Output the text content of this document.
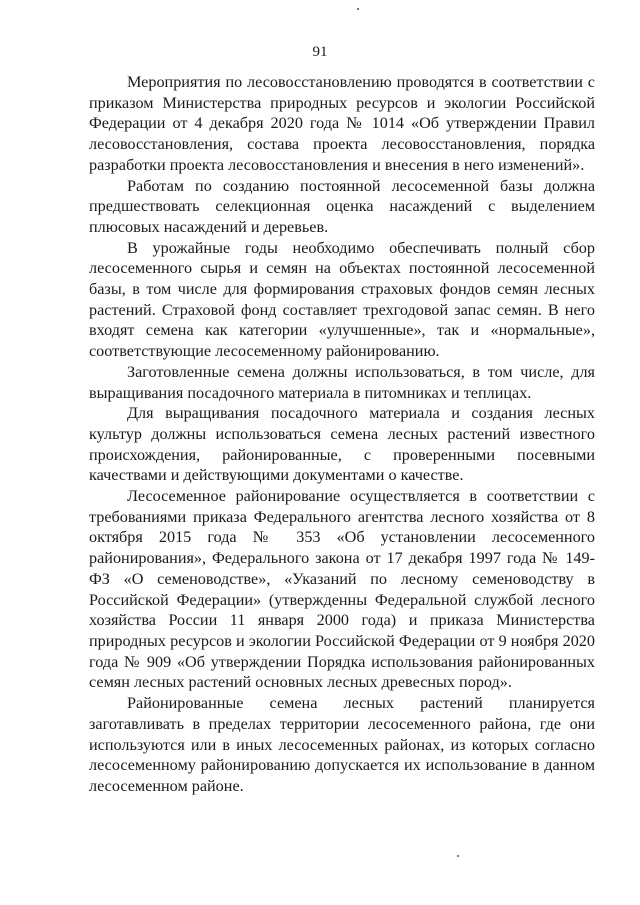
91

Мероприятия по лесовосстановлению проводятся в соответствии с приказом Министерства природных ресурсов и экологии Российской Федерации от 4 декабря 2020 года № 1014 «Об утверждении Правил лесовосстановления, состава проекта лесовосстановления, порядка разработки проекта лесовосстановления и внесения в него изменений».

Работам по созданию постоянной лесосеменной базы должна предшествовать селекционная оценка насаждений с выделением плюсовых насаждений и деревьев.

В урожайные годы необходимо обеспечивать полный сбор лесосеменного сырья и семян на объектах постоянной лесосеменной базы, в том числе для формирования страховых фондов семян лесных растений. Страховой фонд составляет трехгодовой запас семян. В него входят семена как категории «улучшенные», так и «нормальные», соответствующие лесосеменному районированию.

Заготовленные семена должны использоваться, в том числе, для выращивания посадочного материала в питомниках и теплицах.

Для выращивания посадочного материала и создания лесных культур должны использоваться семена лесных растений известного происхождения, районированные, с проверенными посевными качествами и действующими документами о качестве.

Лесосеменное районирование осуществляется в соответствии с требованиями приказа Федерального агентства лесного хозяйства от 8 октября 2015 года № 353 «Об установлении лесосеменного районирования», Федерального закона от 17 декабря 1997 года № 149-ФЗ «О семеноводстве», «Указаний по лесному семеноводству в Российской Федерации» (утвержденны Федеральной службой лесного хозяйства России 11 января 2000 года) и приказа Министерства природных ресурсов и экологии Российской Федерации от 9 ноября 2020 года № 909 «Об утверждении Порядка использования районированных семян лесных растений основных лесных древесных пород».

Районированные семена лесных растений планируется заготавливать в пределах территории лесосеменного района, где они используются или в иных лесосеменных районах, из которых согласно лесосеменному районированию допускается их использование в данном лесосеменном районе.
